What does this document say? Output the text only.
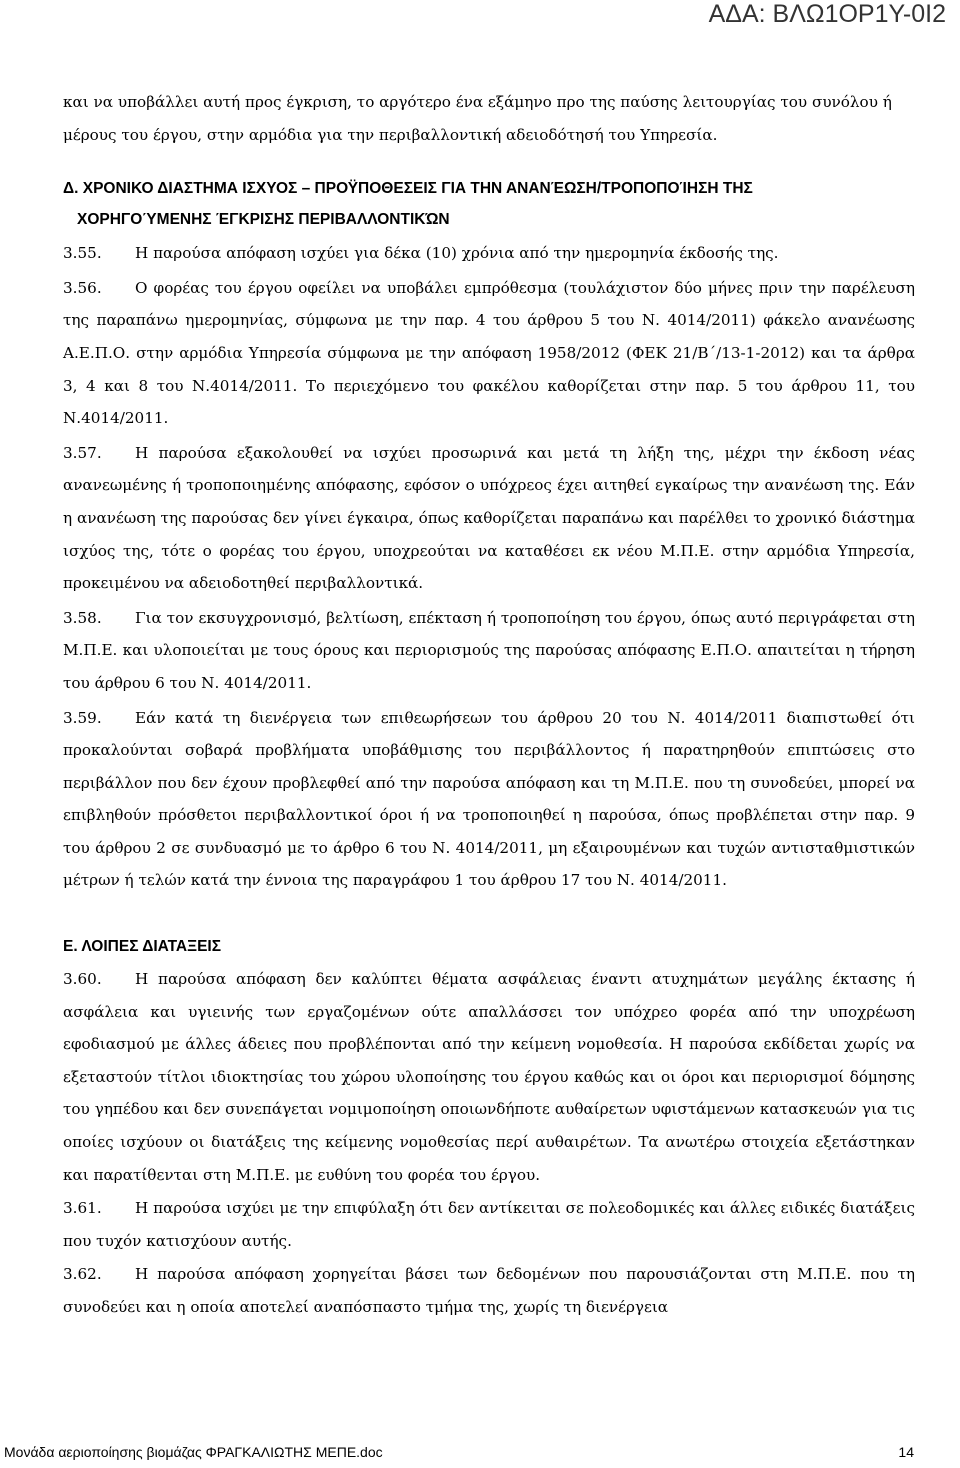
ΑΔΑ: ΒΛΩ1ΟΡ1Υ-0Ι2
και να υποβάλλει αυτή προς έγκριση, το αργότερο ένα εξάμηνο προ της παύσης λειτουργίας του συνόλου ή μέρους του έργου, στην αρμόδια για την περιβαλλοντική αδειοδότησή του Υπηρεσία.
Δ. ΧΡΟΝΙΚΟ ΔΙΑΣΤΗΜΑ ΙΣΧΥΟΣ – ΠΡΟΫΠΟΘΕΣΕΙΣ ΓΙΑ ΤΗΝ ΑΝΑΝΈΩΣΗ/ΤΡΟΠΟΠΟΊΗΣΗ ΤΗΣ
ΧΟΡΗΓΟΎΜΕΝΗΣ ΈΓΚΡΙΣΗΣ ΠΕΡΙΒΑΛΛΟΝΤΙΚΏΝ
3.55. Η παρούσα απόφαση ισχύει για δέκα (10) χρόνια από την ημερομηνία έκδοσής της.
3.56. Ο φορέας του έργου οφείλει να υποβάλει εμπρόθεσμα (τουλάχιστον δύο μήνες πριν την παρέλευση της παραπάνω ημερομηνίας, σύμφωνα με την παρ. 4 του άρθρου 5 του Ν. 4014/2011) φάκελο ανανέωσης Α.Ε.Π.Ο. στην αρμόδια Υπηρεσία σύμφωνα με την απόφαση 1958/2012 (ΦΕΚ 21/Β΄/13-1-2012) και τα άρθρα 3, 4 και 8 του Ν.4014/2011. Το περιεχόμενο του φακέλου καθορίζεται στην παρ. 5 του άρθρου 11, του Ν.4014/2011.
3.57. Η παρούσα εξακολουθεί να ισχύει προσωρινά και μετά τη λήξη της, μέχρι την έκδοση νέας ανανεωμένης ή τροποποιημένης απόφασης, εφόσον ο υπόχρεος έχει αιτηθεί εγκαίρως την ανανέωση της. Εάν η ανανέωση της παρούσας δεν γίνει έγκαιρα, όπως καθορίζεται παραπάνω και παρέλθει το χρονικό διάστημα ισχύος της, τότε ο φορέας του έργου, υποχρεούται να καταθέσει εκ νέου Μ.Π.Ε. στην αρμόδια Υπηρεσία, προκειμένου να αδειοδοτηθεί περιβαλλοντικά.
3.58. Για τον εκσυγχρονισμό, βελτίωση, επέκταση ή τροποποίηση του έργου, όπως αυτό περιγράφεται στη Μ.Π.Ε. και υλοποιείται με τους όρους και περιορισμούς της παρούσας απόφασης Ε.Π.Ο. απαιτείται η τήρηση του άρθρου 6 του Ν. 4014/2011.
3.59. Εάν κατά τη διενέργεια των επιθεωρήσεων του άρθρου 20 του Ν. 4014/2011 διαπιστωθεί ότι προκαλούνται σοβαρά προβλήματα υποβάθμισης του περιβάλλοντος ή παρατηρηθούν επιπτώσεις στο περιβάλλον που δεν έχουν προβλεφθεί από την παρούσα απόφαση και τη Μ.Π.Ε. που τη συνοδεύει, μπορεί να επιβληθούν πρόσθετοι περιβαλλοντικοί όροι ή να τροποποιηθεί η παρούσα, όπως προβλέπεται στην παρ. 9 του άρθρου 2 σε συνδυασμό με το άρθρο 6 του Ν. 4014/2011, μη εξαιρουμένων και τυχών αντισταθμιστικών μέτρων ή τελών κατά την έννοια της παραγράφου 1 του άρθρου 17 του Ν. 4014/2011.
Ε. ΛΟΙΠΕΣ ΔΙΑΤΑΞΕΙΣ
3.60. Η παρούσα απόφαση δεν καλύπτει θέματα ασφάλειας έναντι ατυχημάτων μεγάλης έκτασης ή ασφάλεια και υγιεινής των εργαζομένων ούτε απαλλάσσει τον υπόχρεο φορέα από την υποχρέωση εφοδιασμού με άλλες άδειες που προβλέπονται από την κείμενη νομοθεσία. Η παρούσα εκδίδεται χωρίς να εξεταστούν τίτλοι ιδιοκτησίας του χώρου υλοποίησης του έργου καθώς και οι όροι και περιορισμοί δόμησης του γηπέδου και δεν συνεπάγεται νομιμοποίηση οποιωνδήποτε αυθαίρετων υφιστάμενων κατασκευών για τις οποίες ισχύουν οι διατάξεις της κείμενης νομοθεσίας περί αυθαιρέτων. Τα ανωτέρω στοιχεία εξετάστηκαν και παρατίθενται στη Μ.Π.Ε. με ευθύνη του φορέα του έργου.
3.61. Η παρούσα ισχύει με την επιφύλαξη ότι δεν αντίκειται σε πολεοδομικές και άλλες ειδικές διατάξεις που τυχόν κατισχύουν αυτής.
3.62. Η παρούσα απόφαση χορηγείται βάσει των δεδομένων που παρουσιάζονται στη Μ.Π.Ε. που τη συνοδεύει και η οποία αποτελεί αναπόσπαστο τμήμα της, χωρίς τη διενέργεια
Μονάδα αεριοποίησης βιομάζας ΦΡΑΓΚΑΛΙΩΤΗΣ ΜΕΠΕ.doc	14
